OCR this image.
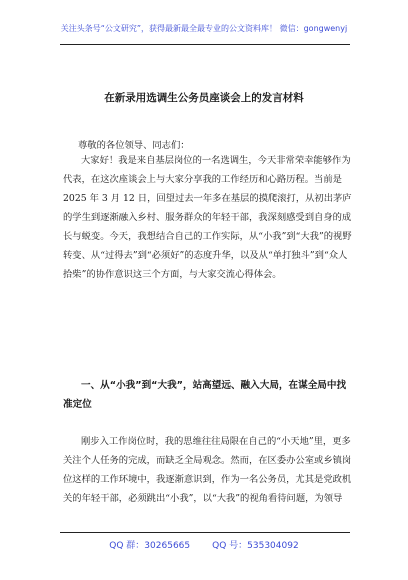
关注头条号“公文研究”，获得最新最全最专业的公文资料库！ 微信：gongwenyj
在新录用选调生公务员座谈会上的发言材料
尊敬的各位领导、同志们：
大家好！我是来自基层岗位的一名选调生，今天非常荣幸能够作为代表，在这次座谈会上与大家分享我的工作经历和心路历程。当前是 2025 年 3 月 12 日，回望过去一年多在基层的摸爬滚打，从初出茅庐的学生到逐渐融入乡村、服务群众的年轻干部，我深刻感受到自身的成长与蜕变。今天，我想结合自己的工作实际，从“小我”到“大我”的视野转变、从“过得去”到“必须好”的态度升华，以及从“单打独斗”到“众人拾柴”的协作意识这三个方面，与大家交流心得体会。
一、从“小我”到“大我”，站高望远、融入大局，在谋全局中找准定位
刚步入工作岗位时，我的思维往往局限在自己的“小天地”里，更多关注个人任务的完成，而缺乏全局观念。然而，在区委办公室或乡镇岗位这样的工作环境中，我逐渐意识到，作为一名公务员，尤其是党政机关的年轻干部，必须跳出“小我”，以“大我”的视角看待问题，为领导
QQ 群：30265665 QQ 号：535304092
